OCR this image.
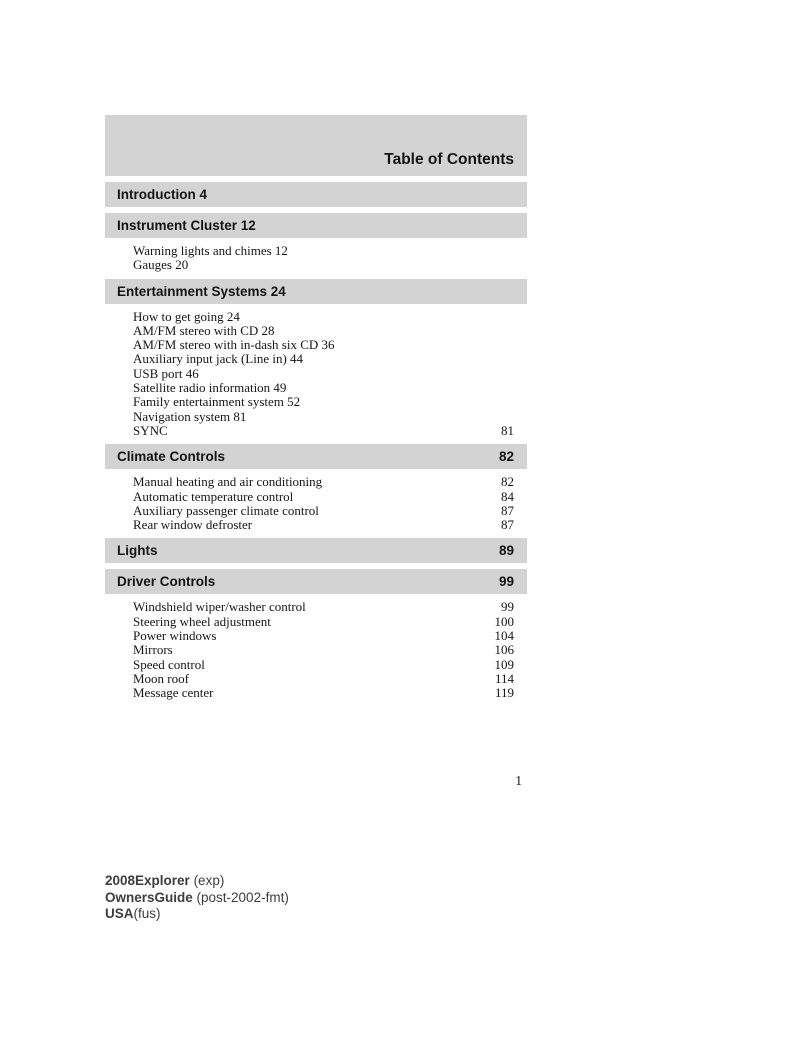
Table of Contents
Introduction 4
Instrument Cluster 12
Warning lights and chimes 12
Gauges 20
Entertainment Systems 24
How to get going 24
AM/FM stereo with CD 28
AM/FM stereo with in-dash six CD 36
Auxiliary input jack (Line in) 44
USB port 46
Satellite radio information 49
Family entertainment system 52
Navigation system 81
SYNC	81
Climate Controls	82
Manual heating and air conditioning	82
Automatic temperature control	84
Auxiliary passenger climate control	87
Rear window defroster	87
Lights	89
Driver Controls	99
Windshield wiper/washer control	99
Steering wheel adjustment	100
Power windows	104
Mirrors	106
Speed control	109
Moon roof	114
Message center	119
1
2008Explorer (exp)
OwnersGuide (post-2002-fmt)
USA(fus)
